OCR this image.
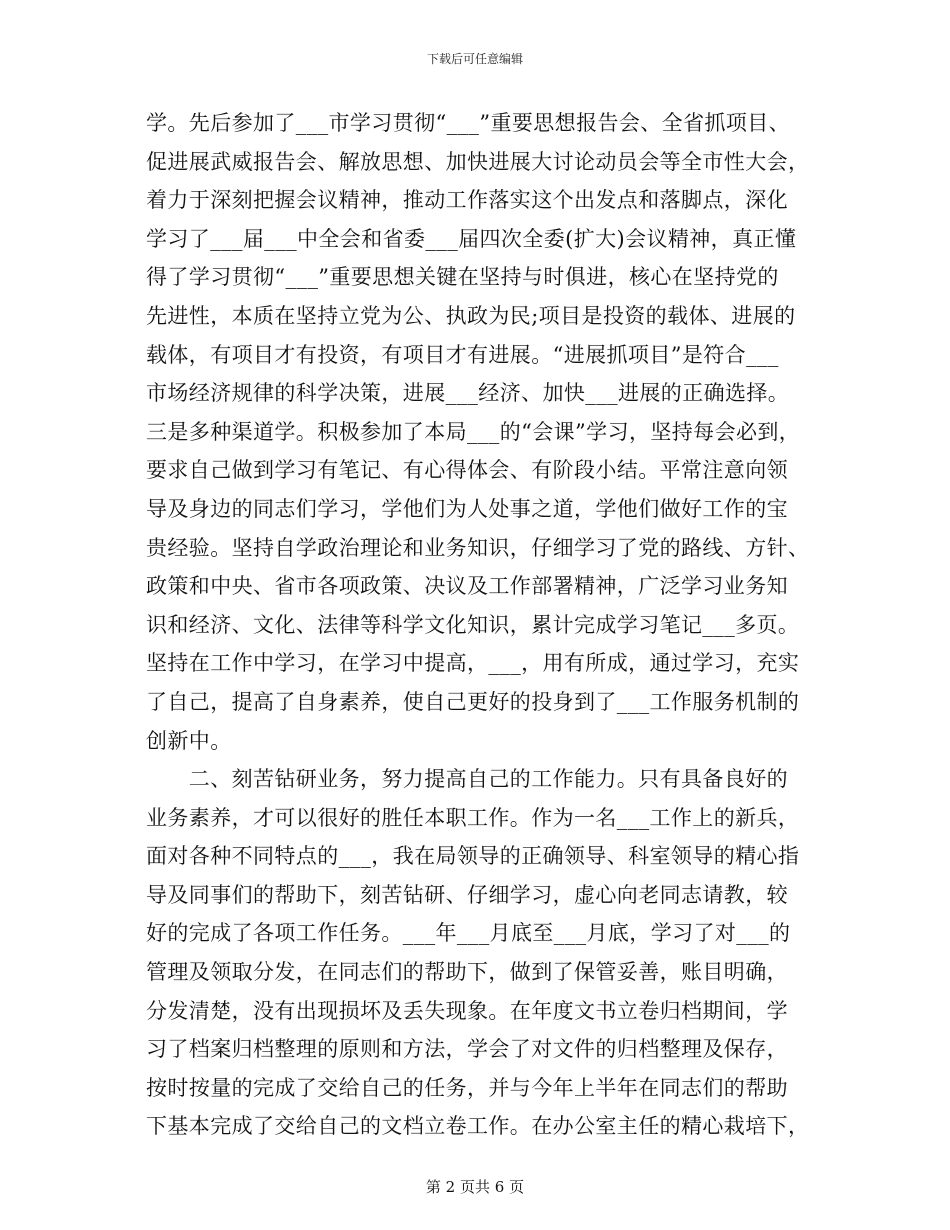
下载后可任意编辑
学。先后参加了___市学习贯彻“___”重要思想报告会、全省抓项目、
促进展武威报告会、解放思想、加快进展大讨论动员会等全市性大会，
着力于深刻把握会议精神，推动工作落实这个出发点和落脚点，深化
学习了___届___中全会和省委___届四次全委(扩大)会议精神，真正懂
得了学习贯彻“___”重要思想关键在坚持与时俱进，核心在坚持党的
先进性，本质在坚持立党为公、执政为民;项目是投资的载体、进展的
载体，有项目才有投资，有项目才有进展。“进展抓项目”是符合___
市场经济规律的科学决策，进展___经济、加快___进展的正确选择。
三是多种渠道学。积极参加了本局___的“会课”学习，坚持每会必到，
要求自己做到学习有笔记、有心得体会、有阶段小结。平常注意向领
导及身边的同志们学习，学他们为人处事之道，学他们做好工作的宝
贵经验。坚持自学政治理论和业务知识，仔细学习了党的路线、方针、
政策和中央、省市各项政策、决议及工作部署精神，广泛学习业务知
识和经济、文化、法律等科学文化知识，累计完成学习笔记___多页。
坚持在工作中学习，在学习中提高，___，用有所成，通过学习，充实
了自己，提高了自身素养，使自己更好的投身到了___工作服务机制的
创新中。
　　二、刻苦钻研业务，努力提高自己的工作能力。只有具备良好的
业务素养，才可以很好的胜任本职工作。作为一名___工作上的新兵，
面对各种不同特点的___，我在局领导的正确领导、科室领导的精心指
导及同事们的帮助下，刻苦钻研、仔细学习，虚心向老同志请教，较
好的完成了各项工作任务。___年___月底至___月底，学习了对___的
管理及领取分发，在同志们的帮助下，做到了保管妥善，账目明确，
分发清楚，没有出现损坏及丢失现象。在年度文书立卷归档期间，学
习了档案归档整理的原则和方法，学会了对文件的归档整理及保存，
按时按量的完成了交给自己的任务，并与今年上半年在同志们的帮助
下基本完成了交给自己的文档立卷工作。在办公室主任的精心栽培下，
第 2 页共 6 页
